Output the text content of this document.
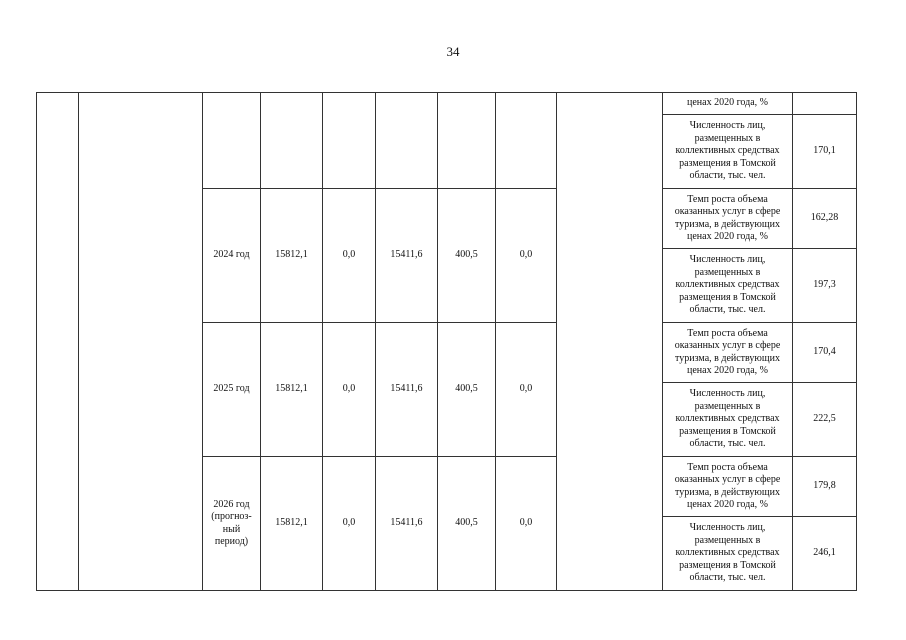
34
									ценах 2020 года, %	
									Численность лиц, размещенных в коллективных средствах размещения в Томской области, тыс. чел.	170,1
		2024 год	15812,1	0,0	15411,6	400,5	0,0		Темп роста объема оказанных услуг в сфере туризма, в действующих ценах 2020 года, %	162,28
									Численность лиц, размещенных в коллективных средствах размещения в Томской области, тыс. чел.	197,3
		2025 год	15812,1	0,0	15411,6	400,5	0,0		Темп роста объема оказанных услуг в сфере туризма, в действующих ценах 2020 года, %	170,4
									Численность лиц, размещенных в коллективных средствах размещения в Томской области, тыс. чел.	222,5
		2026 год (прогноз-ный период)	15812,1	0,0	15411,6	400,5	0,0		Темп роста объема оказанных услуг в сфере туризма, в действующих ценах 2020 года, %	179,8
									Численность лиц, размещенных в коллективных средствах размещения в Томской области, тыс. чел.	246,1
